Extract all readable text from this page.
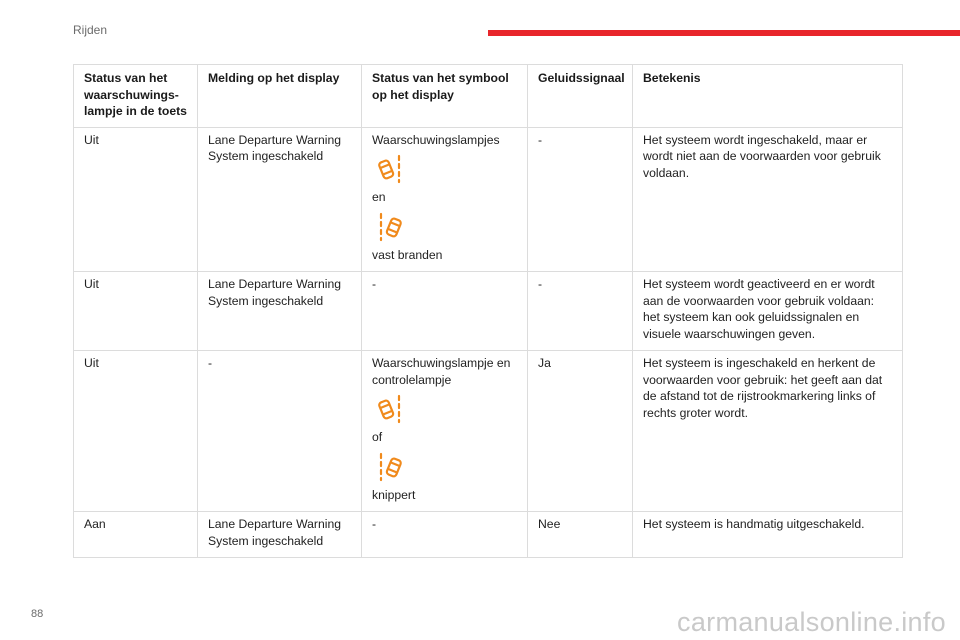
Rijden
Status van het waarschuwings-lampje in de toets	Melding op het display	Status van het symbool op het display	Geluidssignaal	Betekenis
Uit	Lane Departure Warning System ingeschakeld	Waarschuwingslampjes
en
vast branden	-	Het systeem wordt ingeschakeld, maar er wordt niet aan de voorwaarden voor gebruik voldaan.
Uit	Lane Departure Warning System ingeschakeld	-	-	Het systeem wordt geactiveerd en er wordt aan de voorwaarden voor gebruik voldaan: het systeem kan ook geluidssignalen en visuele waarschuwingen geven.
Uit	-	Waarschuwingslampje en controlelampje
of
knippert	Ja	Het systeem is ingeschakeld en herkent de voorwaarden voor gebruik: het geeft aan dat de afstand tot de rijstrookmarkering links of rechts groter wordt.
Aan	Lane Departure Warning System ingeschakeld	-	Nee	Het systeem is handmatig uitgeschakeld.
88	carmanualsonline.info
